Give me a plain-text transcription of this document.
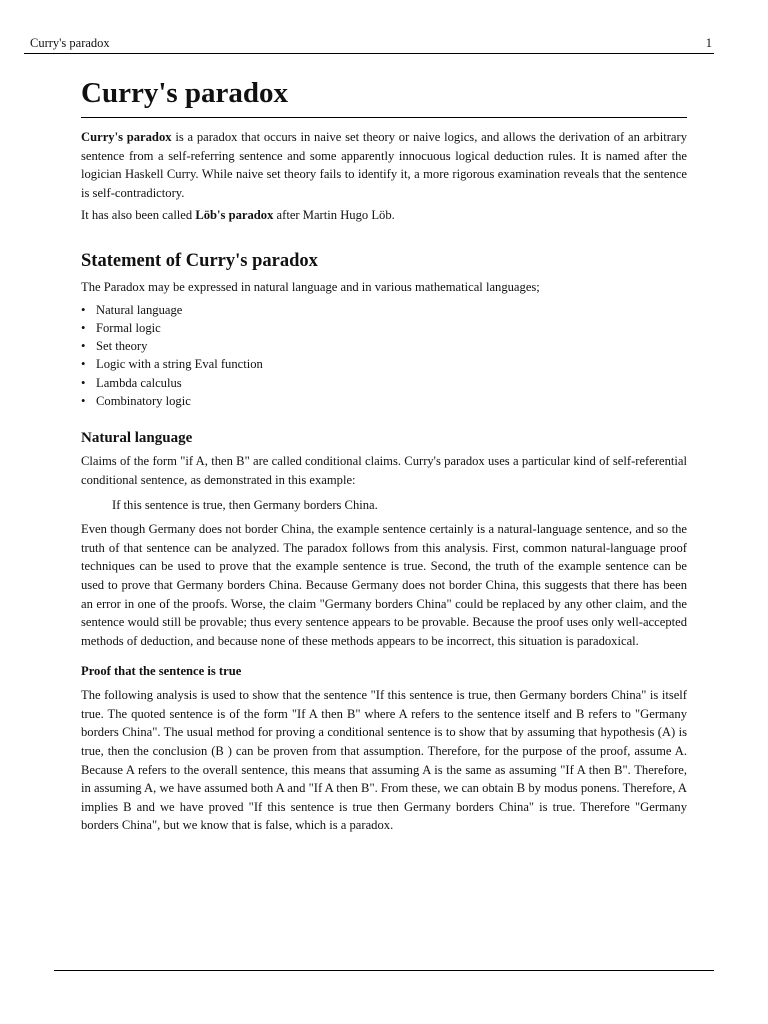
Curry's paradox	1
Curry's paradox

Curry's paradox is a paradox that occurs in naive set theory or naive logics, and allows the derivation of an arbitrary sentence from a self-referring sentence and some apparently innocuous logical deduction rules. It is named after the logician Haskell Curry. While naive set theory fails to identify it, a more rigorous examination reveals that the sentence is self-contradictory.

It has also been called Löb's paradox after Martin Hugo Löb.

Statement of Curry's paradox

The Paradox may be expressed in natural language and in various mathematical languages;

• Natural language
• Formal logic
• Set theory
• Logic with a string Eval function
• Lambda calculus
• Combinatory logic
Natural language

Claims of the form "if A, then B" are called conditional claims. Curry's paradox uses a particular kind of self-referential conditional sentence, as demonstrated in this example:

If this sentence is true, then Germany borders China.

Even though Germany does not border China, the example sentence certainly is a natural-language sentence, and so the truth of that sentence can be analyzed. The paradox follows from this analysis. First, common natural-language proof techniques can be used to prove that the example sentence is true. Second, the truth of the example sentence can be used to prove that Germany borders China. Because Germany does not border China, this suggests that there has been an error in one of the proofs. Worse, the claim "Germany borders China" could be replaced by any other claim, and the sentence would still be provable; thus every sentence appears to be provable. Because the proof uses only well-accepted methods of deduction, and because none of these methods appears to be incorrect, this situation is paradoxical.

Proof that the sentence is true

The following analysis is used to show that the sentence "If this sentence is true, then Germany borders China" is itself true. The quoted sentence is of the form "If A then B" where A refers to the sentence itself and B refers to "Germany borders China". The usual method for proving a conditional sentence is to show that by assuming that hypothesis (A) is true, then the conclusion (B ) can be proven from that assumption. Therefore, for the purpose of the proof, assume A. Because A refers to the overall sentence, this means that assuming A is the same as assuming "If A then B". Therefore, in assuming A, we have assumed both A and "If A then B". From these, we can obtain B by modus ponens. Therefore, A implies B and we have proved "If this sentence is true then Germany borders China" is true. Therefore "Germany borders China", but we know that is false, which is a paradox.
